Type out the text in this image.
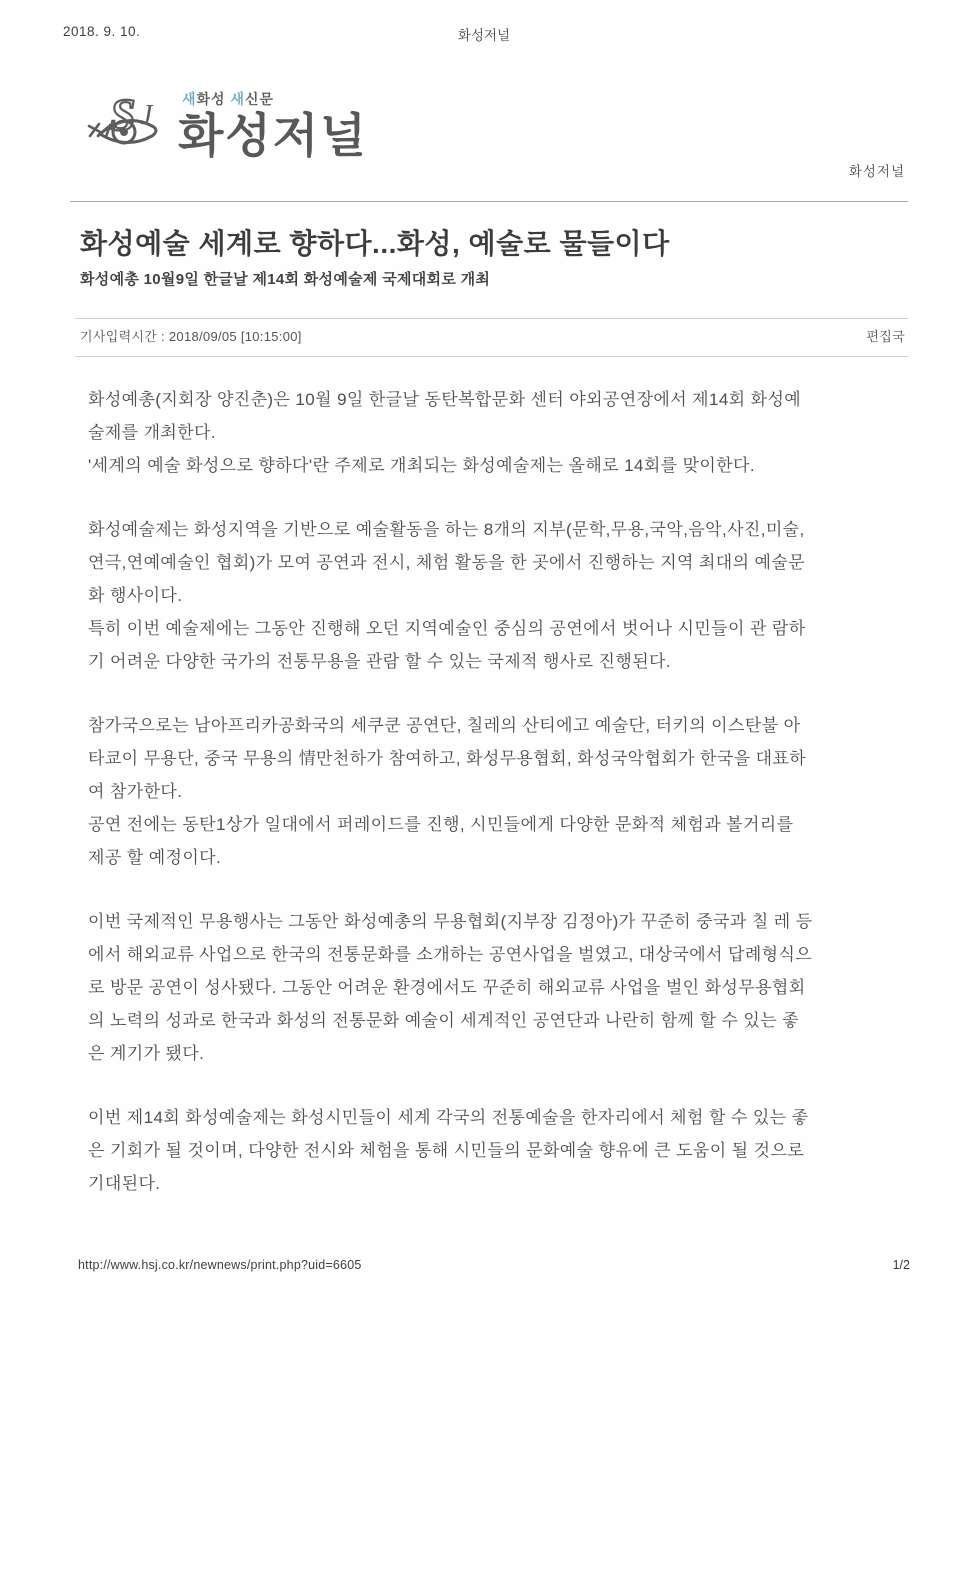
2018. 9. 10.	화성저널
S J
새화성 새신문
화성저널
화성저널
화성예술 세계로 향하다...화성, 예술로 물들이다
화성예총 10월9일 한글날 제14회 화성예술제 국제대회로 개최
기사입력시간 : 2018/09/05 [10:15:00]	편집국
화성예총(지회장 양진춘)은 10월 9일 한글날 동탄복합문화 센터 야외공연장에서 제14회 화성예
술제를 개최한다.
'세계의 예술 화성으로 향하다'란 주제로 개최되는 화성예술제는 올해로 14회를 맞이한다.
화성예술제는 화성지역을 기반으로 예술활동을 하는 8개의 지부(문학,무용,국악,음악,사진,미술,
연극,연예예술인 협회)가 모여 공연과 전시, 체험 활동을 한 곳에서 진행하는 지역 최대의 예술문
화 행사이다.
특히 이번 예술제에는 그동안 진행해 오던 지역예술인 중심의 공연에서 벗어나 시민들이 관 람하
기 어려운 다양한 국가의 전통무용을 관람 할 수 있는 국제적 행사로 진행된다.
참가국으로는 남아프리카공화국의 세쿠쿤 공연단, 칠레의 산티에고 예술단, 터키의 이스탄불 아
타쿄이 무용단, 중국 무용의 情만천하가 참여하고, 화성무용협회, 화성국악협회가 한국을 대표하
여 참가한다.
공연 전에는 동탄1상가 일대에서 퍼레이드를 진행, 시민들에게 다양한 문화적 체험과 볼거리를
제공 할 예정이다.
이번 국제적인 무용행사는 그동안 화성예총의 무용협회(지부장 김정아)가 꾸준히 중국과 칠 레 등
에서 해외교류 사업으로 한국의 전통문화를 소개하는 공연사업을 벌였고, 대상국에서 답례형식으
로 방문 공연이 성사됐다. 그동안 어려운 환경에서도 꾸준히 해외교류 사업을 벌인 화성무용협회
의 노력의 성과로 한국과 화성의 전통문화 예술이 세계적인 공연단과 나란히 함께 할 수 있는 좋
은 계기가 됐다.
이번 제14회 화성예술제는 화성시민들이 세계 각국의 전통예술을 한자리에서 체험 할 수 있는 좋
은 기회가 될 것이며, 다양한 전시와 체험을 통해 시민들의 문화예술 향유에 큰 도움이 될 것으로
기대된다.
http://www.hsj.co.kr/newnews/print.php?uid=6605	1/2
